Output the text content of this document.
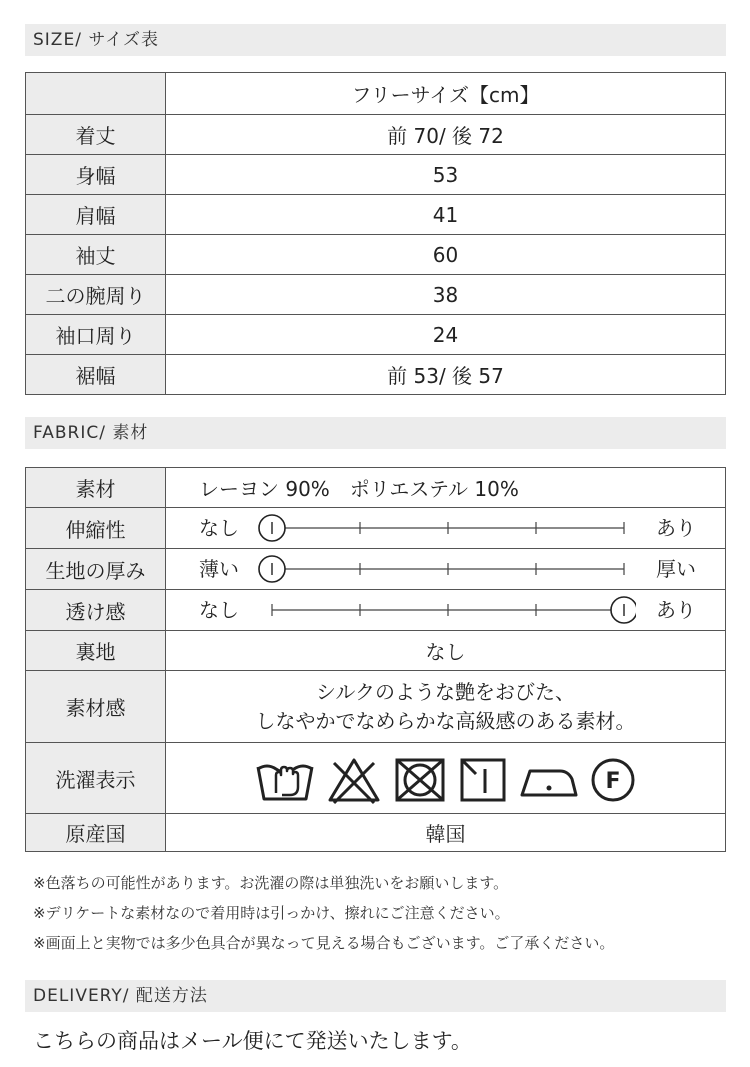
SIZE/ サイズ表
	フリーサイズ【cm】
着丈	前 70/ 後 72
身幅	53
肩幅	41
袖丈	60
二の腕周り	38
袖口周り	24
裾幅	前 53/ 後 57
FABRIC/ 素材
素材	レーヨン 90%　ポリエステル 10%
伸縮性	なし あり

生地の厚み	薄い 厚い

透け感	なし あり

裏地	なし
素材感	シルクのような艶をおびた、
しなやかでなめらかな高級感のある素材。

洗濯表示	F

原産国	韓国
※色落ちの可能性があります。お洗濯の際は単独洗いをお願いします。
※デリケートな素材なので着用時は引っかけ、擦れにご注意ください。
※画面上と実物では多少色具合が異なって見える場合もございます。ご了承ください。
DELIVERY/ 配送方法
こちらの商品はメール便にて発送いたします。
